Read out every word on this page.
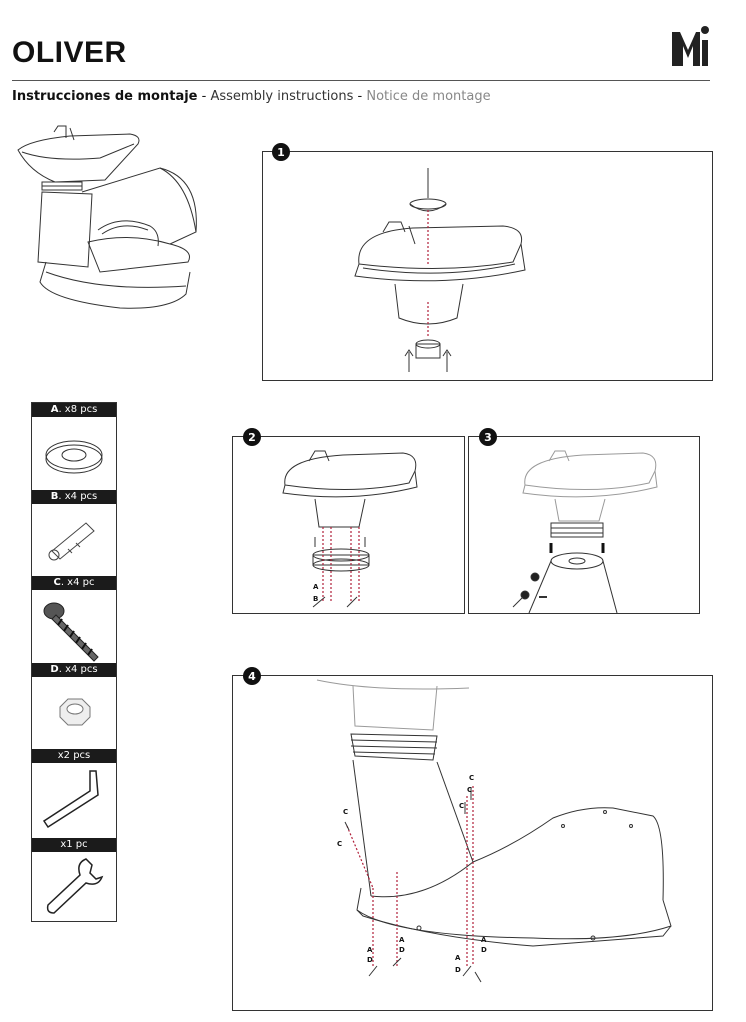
OLIVER
Instrucciones de montaje - Assembly instructions - Notice de montage
1
A. x8 pcs
B. x4 pcs
C. x4 pc
D. x4 pcs
x2 pcs
x1 pc
A
B
2	3
C
C
C
C
C
A
D
A
D
A
D
A
D
4
